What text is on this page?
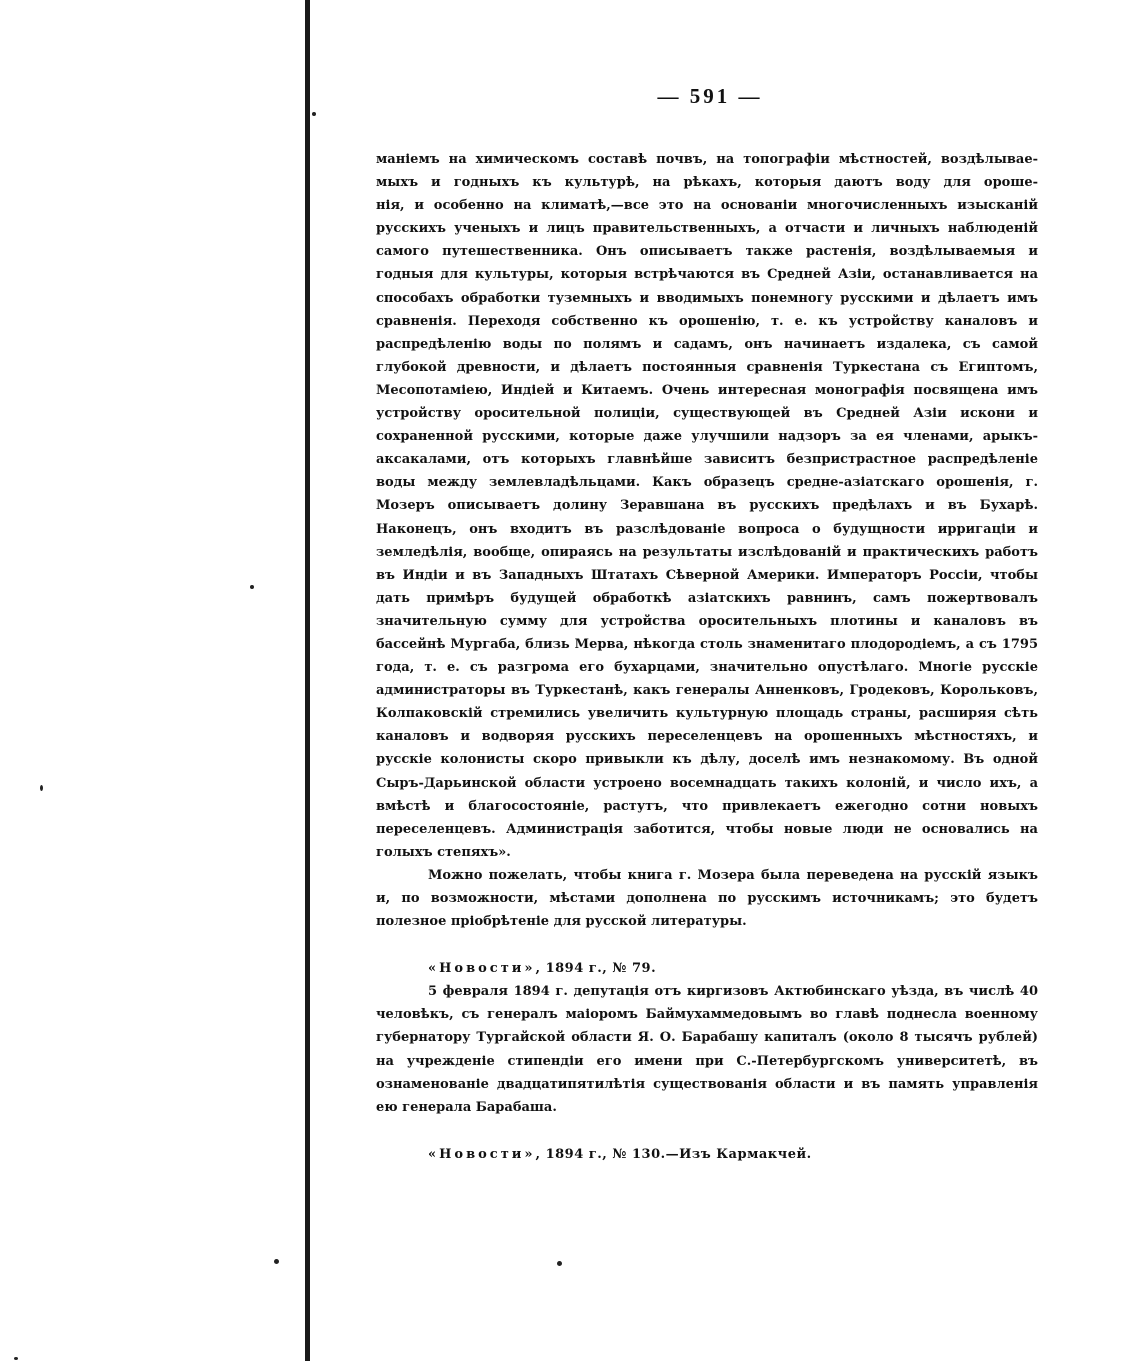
— 591 —

маніемъ на химическомъ составѣ почвъ, на топографіи мѣстностей, воздѣлывае-
мыхъ и годныхъ къ культурѣ, на рѣкахъ, которыя даютъ воду для ороше-
нія, и особенно на климатѣ,—все это на основаніи многочисленныхъ изысканій русскихъ ученыхъ и лицъ правительственныхъ, а отчасти и личныхъ наблюденій самого путешественника. Онъ описываетъ также растенія, воздѣлываемыя и годныя для культуры, которыя встрѣчаются въ Средней Азіи, останавливается на способахъ обработки туземныхъ и вводимыхъ понемногу русскими и дѣлаетъ имъ сравненія. Переходя собственно къ орошенію, т. е. къ устройству каналовъ и распредѣленію воды по полямъ и садамъ, онъ начинаетъ издалека, съ самой глубокой древности, и дѣлаетъ постоянныя сравненія Туркестана съ Египтомъ, Месопотаміею, Индіей и Китаемъ. Очень интересная монографія посвящена имъ устройству оросительной полиціи, существующей въ Средней Азіи искони и сохраненной русскими, которые даже улучшили надзоръ за ея членами, арыкъ-аксакалами, отъ которыхъ главнѣйше зависитъ безпристрастное распредѣленіе воды между землевладѣльцами. Какъ образецъ средне-азіатскаго орошенія, г. Мозеръ описываетъ долину Зеравшана въ русскихъ предѣлахъ и въ Бухарѣ. Наконецъ, онъ входитъ въ разслѣдованіе вопроса о будущности ирригаціи и земледѣлія, вообще, опираясь на результаты изслѣдованій и практическихъ работъ въ Индіи и въ Западныхъ Штатахъ Сѣверной Америки. Императоръ Россіи, чтобы дать примѣръ будущей обработкѣ азіатскихъ равнинъ, самъ пожертвовалъ значительную сумму для устройства оросительныхъ плотины и каналовъ въ бассейнѣ Мургаба, близь Мерва, нѣкогда столь знаменитаго плодородіемъ, а съ 1795 года, т. е. съ разгрома его бухарцами, значительно опустѣлаго. Многіе русскіе администраторы въ Туркестанѣ, какъ генералы Анненковъ, Гродековъ, Корольковъ, Колпаковскій стремились увеличить культурную площадь страны, расширяя сѣть каналовъ и водворяя русскихъ переселенцевъ на орошенныхъ мѣстностяхъ, и русскіе колонисты скоро привыкли къ дѣлу, доселѣ имъ незнакомому. Въ одной Сыръ-Дарьинской области устроено восемнадцать такихъ колоній, и число ихъ, а вмѣстѣ и благосостояніе, растутъ, что привлекаетъ ежегодно сотни новыхъ переселенцевъ. Администрація заботится, чтобы новые люди не основались на голыхъ степяхъ».

Можно пожелать, чтобы книга г. Мозера была переведена на русскій языкъ и, по возможности, мѣстами дополнена по русскимъ источникамъ; это будетъ полезное пріобрѣтеніе для русской литературы.

«Новости», 1894 г., № 79.

5 февраля 1894 г. депутація отъ киргизовъ Актюбинскаго уѣзда, въ числѣ 40 человѣкъ, съ генералъ маіоромъ Баймухаммедовымъ во главѣ поднесла военному губернатору Тургайской области Я. О. Барабашу капиталъ (около 8 тысячъ рублей) на учрежденіе стипендіи его имени при С.-Петербургскомъ университетѣ, въ ознаменованіе двадцатипятилѣтія существованія области и въ память управленія ею генерала Барабаша.

«Новости», 1894 г., № 130.—Изъ Кармакчей.
